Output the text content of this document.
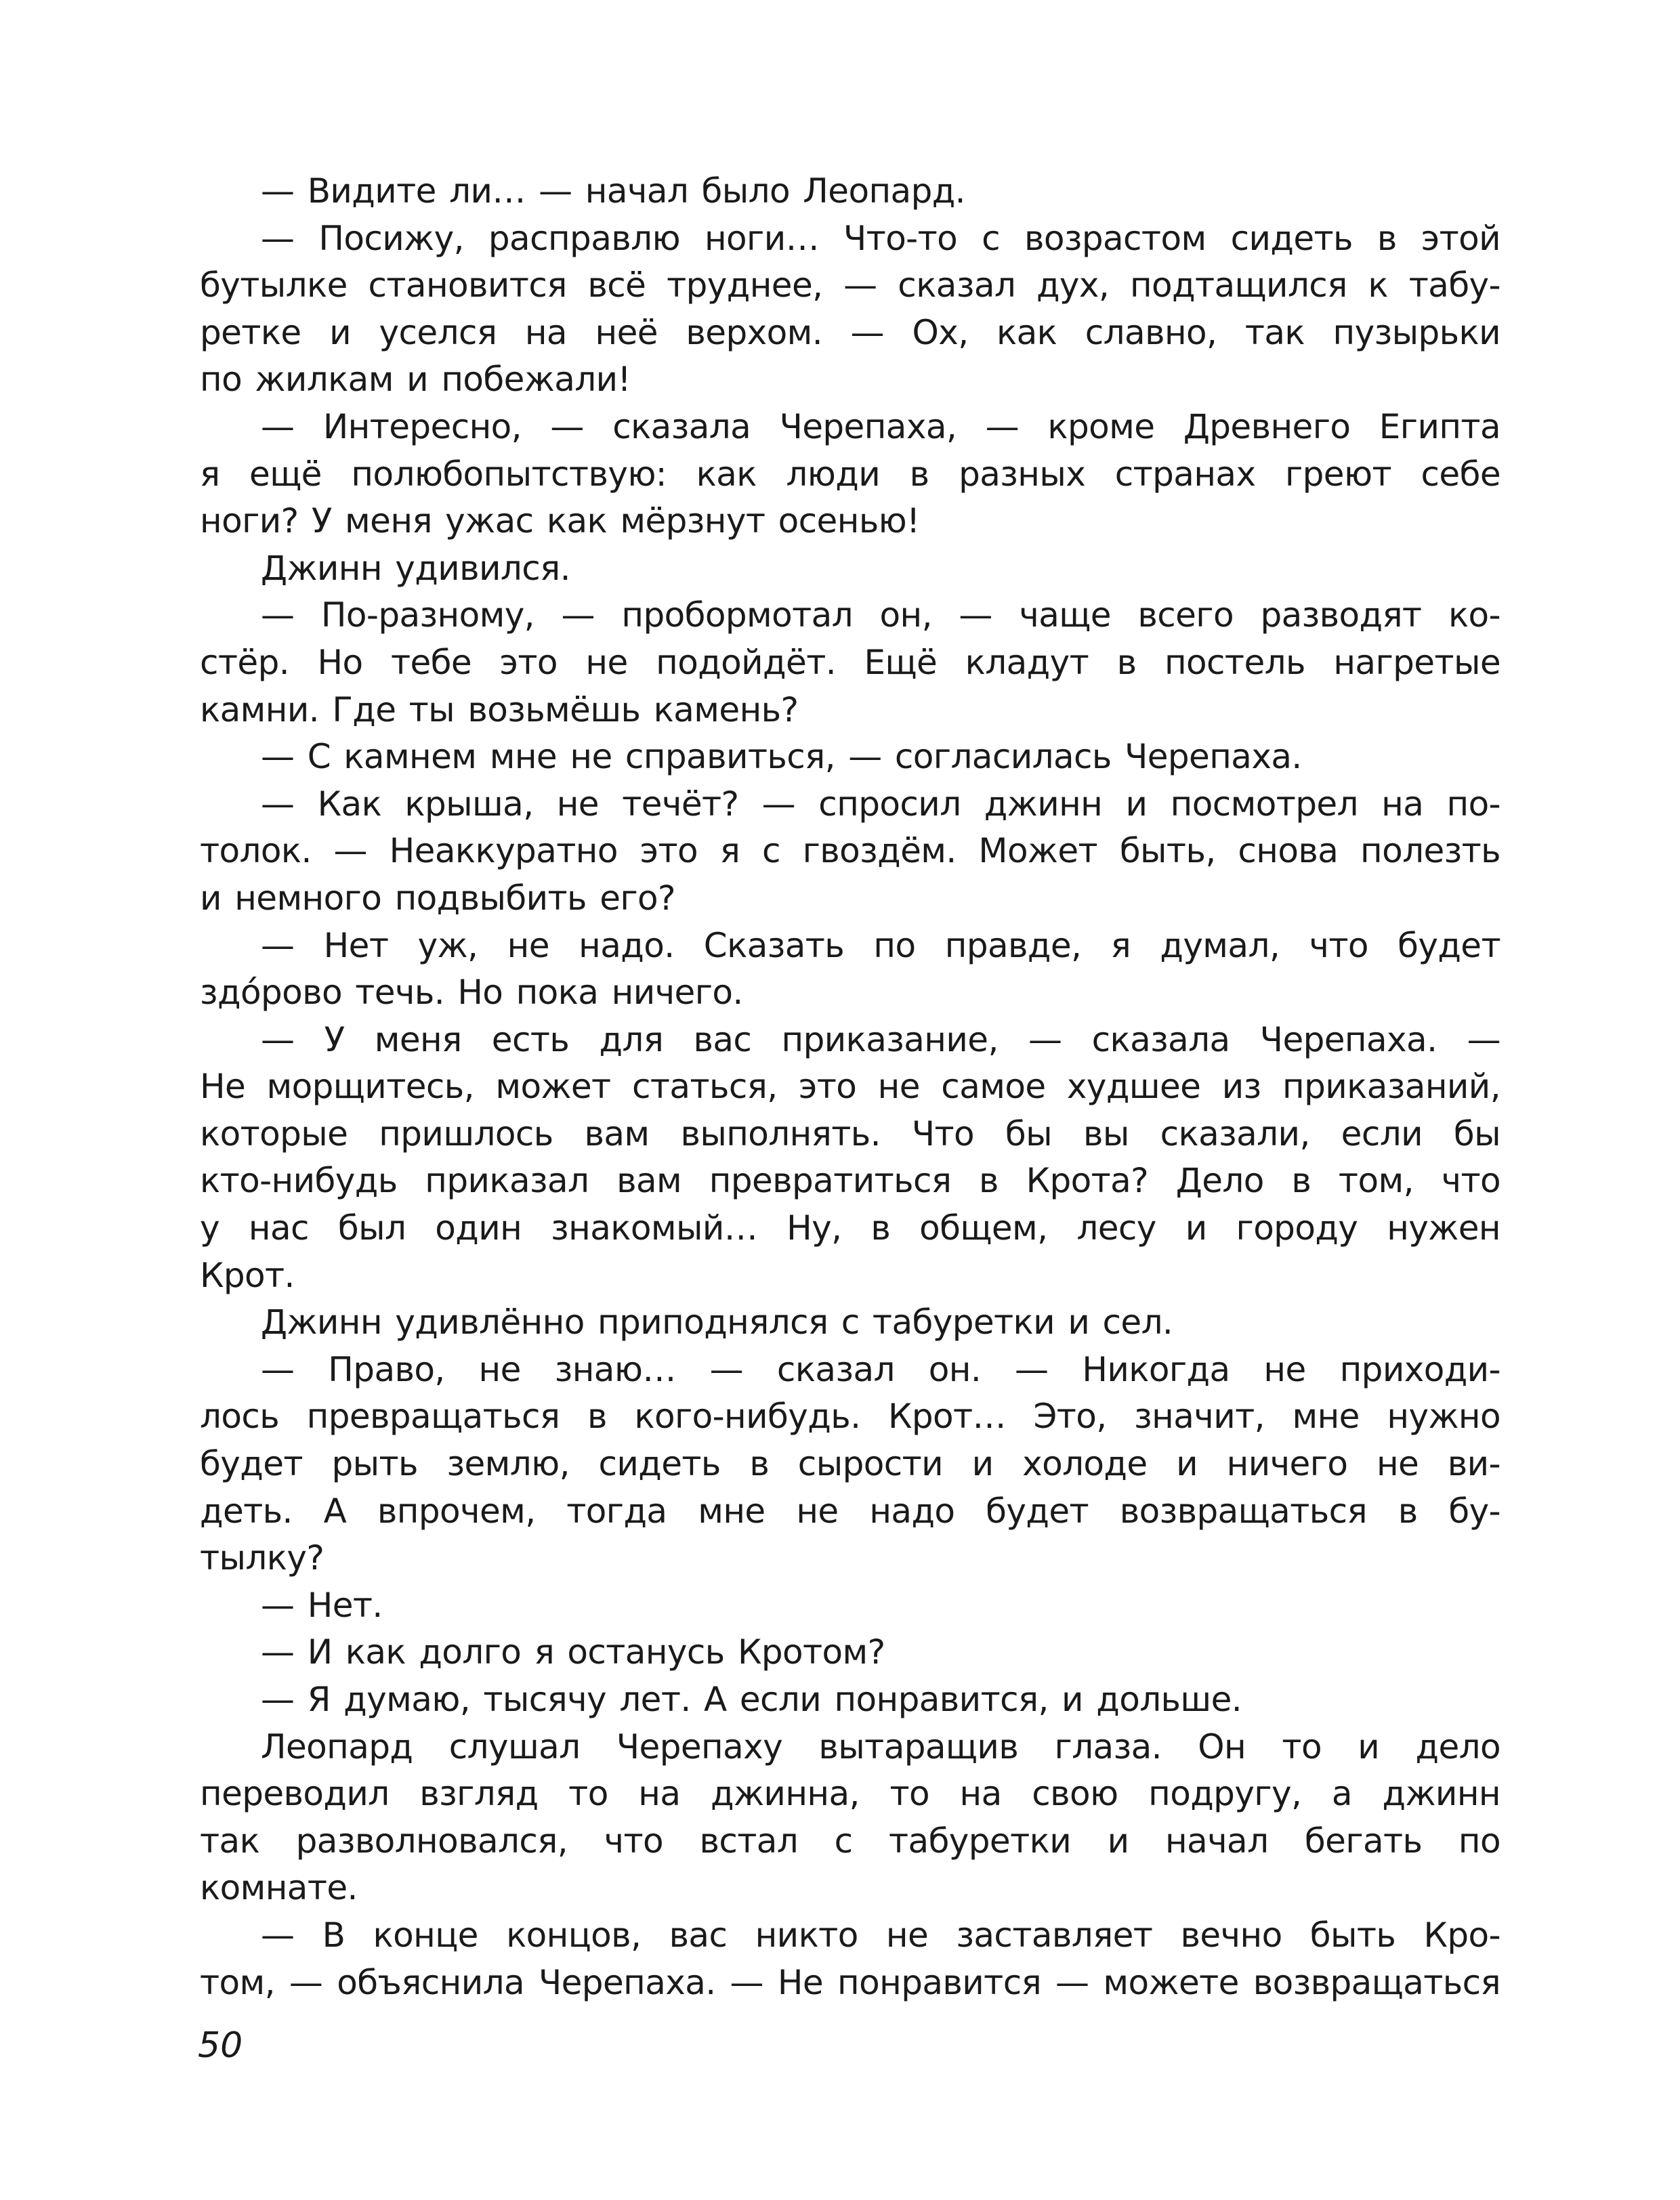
— Видите ли… — начал было Леопард.
— Посижу, расправлю ноги… Что-то с возрастом сидеть в этой
бутылке становится всё труднее, — сказал дух, подтащился к табу-
ретке и уселся на неё верхом. — Ох, как славно, так пузырьки
по жилкам и побежали!
— Интересно, — сказала Черепаха, — кроме Древнего Египта
я ещё полюбопытствую: как люди в разных странах греют себе
ноги? У меня ужас как мёрзнут осенью!
Джинн удивился.
— По-разному, — пробормотал он, — чаще всего разводят ко-
стёр. Но тебе это не подойдёт. Ещё кладут в постель нагретые
камни. Где ты возьмёшь камень?
— С камнем мне не справиться, — согласилась Черепаха.
— Как крыша, не течёт? — спросил джинн и посмотрел на по-
толок. — Неаккуратно это я с гвоздём. Может быть, снова полезть
и немного подвыбить его?
— Нет уж, не надо. Сказать по правде, я думал, что будет
здо́рово течь. Но пока ничего.
— У меня есть для вас приказание, — сказала Черепаха. —
Не морщитесь, может статься, это не самое худшее из приказаний,
которые пришлось вам выполнять. Что бы вы сказали, если бы
кто-нибудь приказал вам превратиться в Крота? Дело в том, что
у нас был один знакомый… Ну, в общем, лесу и городу нужен
Крот.
Джинн удивлённо приподнялся с табуретки и сел.
— Право, не знаю… — сказал он. — Никогда не приходи-
лось превращаться в кого-нибудь. Крот… Это, значит, мне нужно
будет рыть землю, сидеть в сырости и холоде и ничего не ви-
деть. А впрочем, тогда мне не надо будет возвращаться в бу-
тылку?
— Нет.
— И как долго я останусь Кротом?
— Я думаю, тысячу лет. А если понравится, и дольше.
Леопард слушал Черепаху вытаращив глаза. Он то и дело
переводил взгляд то на джинна, то на свою подругу, а джинн
так разволновался, что встал с табуретки и начал бегать по
комнате.
— В конце концов, вас никто не заставляет вечно быть Кро-
том, — объяснила Черепаха. — Не понравится — можете возвращаться
50
